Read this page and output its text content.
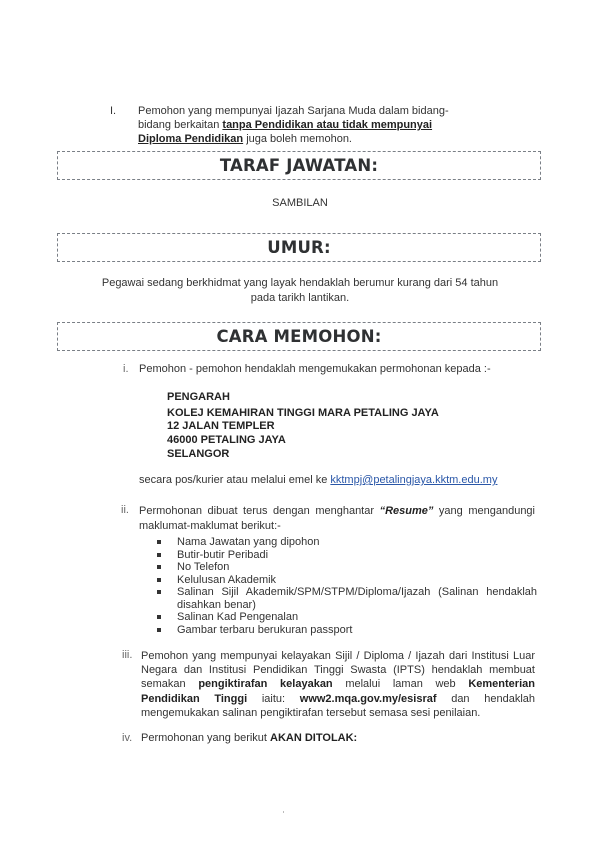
I. Pemohon yang mempunyai Ijazah Sarjana Muda dalam bidang-bidang berkaitan tanpa Pendidikan atau tidak mempunyai Diploma Pendidikan juga boleh memohon.
TARAF JAWATAN:
SAMBILAN
UMUR:
Pegawai sedang berkhidmat yang layak hendaklah berumur kurang dari 54 tahun pada tarikh lantikan.
CARA MEMOHON:
i. Pemohon - pemohon hendaklah mengemukakan permohonan kepada :-
PENGARAH
KOLEJ KEMAHIRAN TINGGI MARA PETALING JAYA
12 JALAN TEMPLER
46000 PETALING JAYA
SELANGOR
secara pos/kurier atau melalui emel ke kktmpj@petalingjaya.kktm.edu.my
ii. Permohonan dibuat terus dengan menghantar “Resume” yang mengandungi maklumat-maklumat berikut:-
Nama Jawatan yang dipohon
Butir-butir Peribadi
No Telefon
Kelulusan Akademik
Salinan Sijil Akademik/SPM/STPM/Diploma/Ijazah (Salinan hendaklah disahkan benar)
Salinan Kad Pengenalan
Gambar terbaru berukuran passport
iii. Pemohon yang mempunyai kelayakan Sijil / Diploma / Ijazah dari Institusi Luar Negara dan Institusi Pendidikan Tinggi Swasta (IPTS) hendaklah membuat semakan pengiktirafan kelayakan melalui laman web Kementerian Pendidikan Tinggi iaitu: www2.mqa.gov.my/esisraf dan hendaklah mengemukakan salinan pengiktirafan tersebut semasa sesi penilaian.
iv. Permohonan yang berikut AKAN DITOLAK:
